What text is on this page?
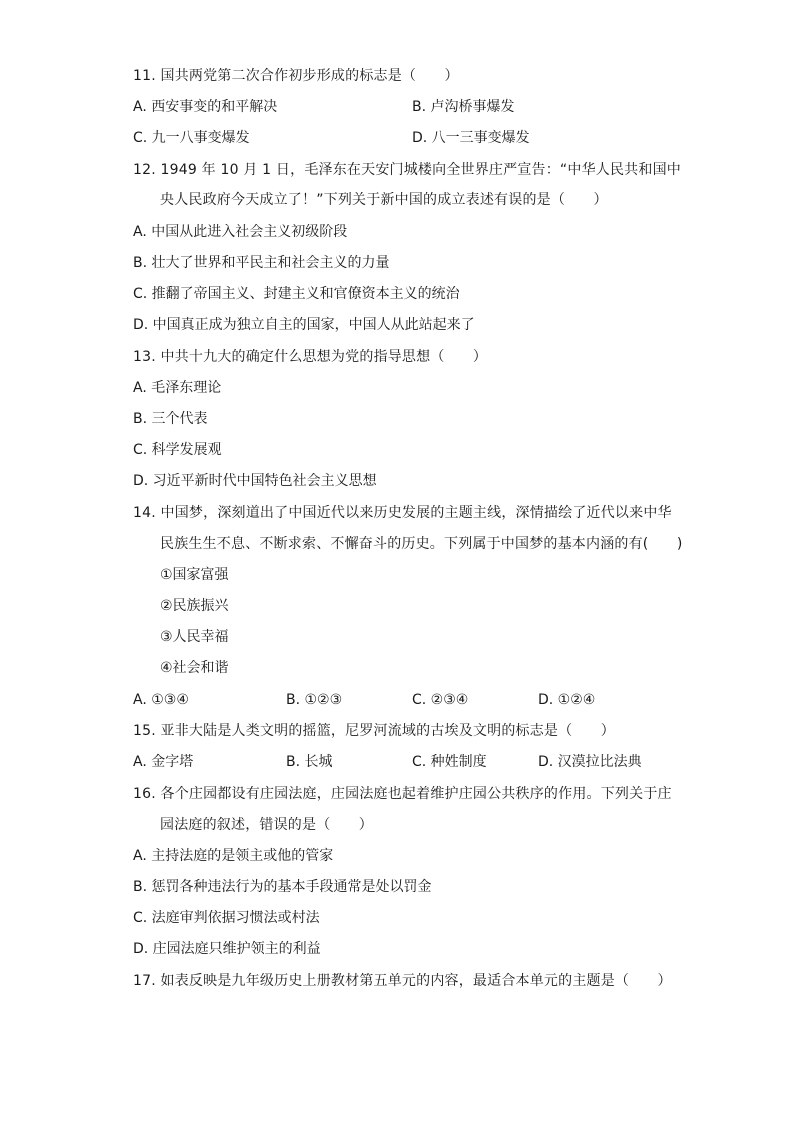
11. 国共两党第二次合作初步形成的标志是（　　）
A. 西安事变的和平解决	B. 卢沟桥事爆发
C. 九一八事变爆发	D. 八一三事变爆发
12. 1949 年 10 月 1 日，毛泽东在天安门城楼向全世界庄严宣告：“中华人民共和国中
央人民政府今天成立了！”下列关于新中国的成立表述有误的是（　　）
A. 中国从此进入社会主义初级阶段
B. 壮大了世界和平民主和社会主义的力量
C. 推翻了帝国主义、封建主义和官僚资本主义的统治
D. 中国真正成为独立自主的国家，中国人从此站起来了
13. 中共十九大的确定什么思想为党的指导思想（　　）
A. 毛泽东理论
B. 三个代表
C. 科学发展观
D. 习近平新时代中国特色社会主义思想
14. 中国梦，深刻道出了中国近代以来历史发展的主题主线，深情描绘了近代以来中华
民族生生不息、不断求索、不懈奋斗的历史。下列属于中国梦的基本内涵的有(　　)
①国家富强
②民族振兴
③人民幸福
④社会和谐
A. ①③④	B. ①②③	C. ②③④	D. ①②④
15. 亚非大陆是人类文明的摇篮，尼罗河流域的古埃及文明的标志是（　　）
A. 金字塔	B. 长城	C. 种姓制度	D. 汉漠拉比法典
16. 各个庄园都设有庄园法庭，庄园法庭也起着维护庄园公共秩序的作用。下列关于庄
园法庭的叙述，错误的是（　　）
A. 主持法庭的是领主或他的管家
B. 惩罚各种违法行为的基本手段通常是处以罚金
C. 法庭审判依据习惯法或村法
D. 庄园法庭只维护领主的利益
17. 如表反映是九年级历史上册教材第五单元的内容，最适合本单元的主题是（　　）
